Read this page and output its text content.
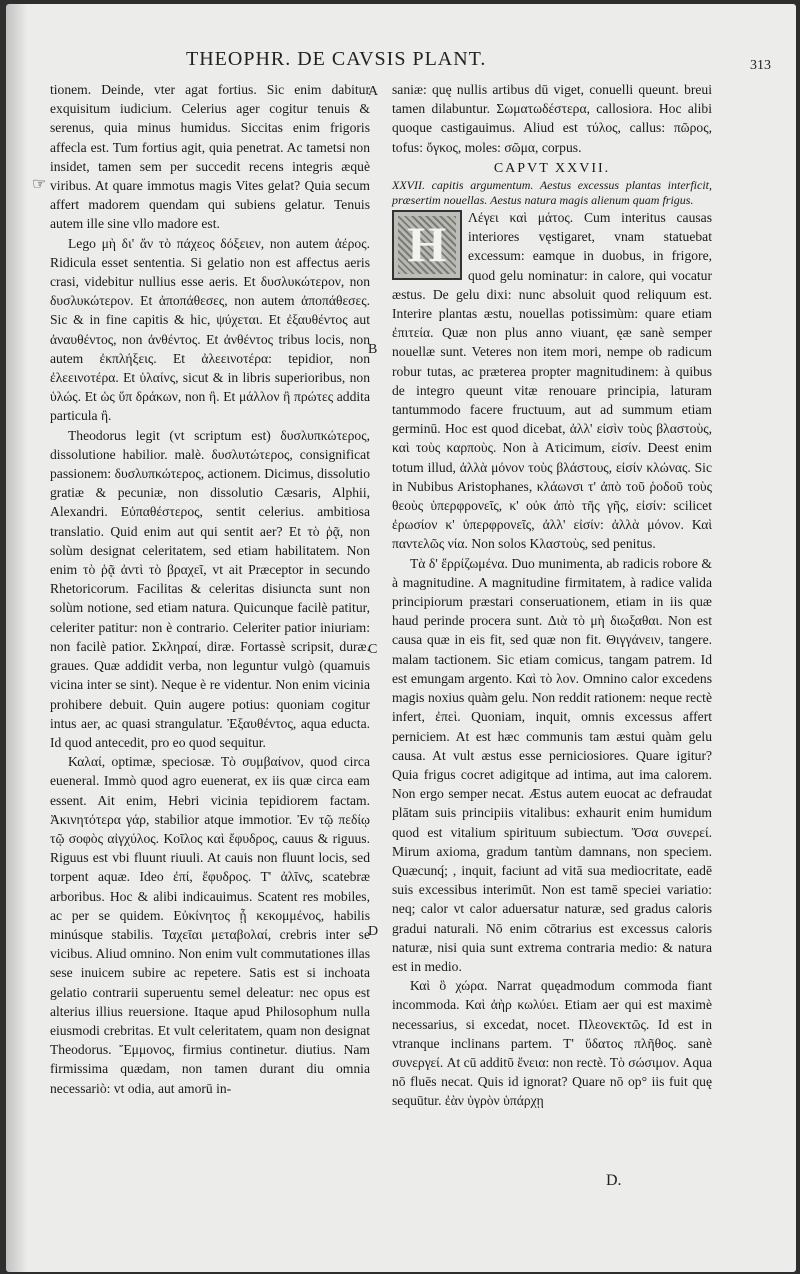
THEOPHR. DE CAVSIS PLANT.	313
☞
A
B
C
D

tionem. Deinde, vter agat fortius. Sic enim dabitur exquisitum iudicium. Celerius ager cogitur tenuis & serenus, quia minus humidus. Siccitas enim frigoris affecla est. Tum fortius agit, quia penetrat. Ac tametsi non insidet, tamen sem per succedit recens integris æquè viribus. At quare immotus magis Vites gelat? Quia secum affert madorem quendam qui subiens gelatur. Tenuis autem ille sine vllo madore est.

Lego μὴ δι' ἄν τὸ πάχεος δόξειεν, non autem ἀέρος. Ridicula esset sententia. Si gelatio non est affectus aeris crasi, videbitur nullius esse aeris. Et δυσλυκώτερον, non δυσλυκώτερον. Et ἀποπάθεσες, non autem ἀποπάθεσες. Sic & in fine capitis & hic, ψύχεται. Et ἐξαυθέντος aut ἀναυθέντος, non ἀνθέντος. Et ἀνθέντος tribus locis, non autem ἐκπλήξεις. Et ἀλεεινοτέρα: tepidior, non ἐλεεινοτέρα. Et ὑλαίνς, sicut & in libris superioribus, non ὑλώς. Et ὡς ὕπ δράκων, non ἢ. Et μάλλον ἢ πρώτες addita particula ἢ.

Theodorus legit (vt scriptum est) δυσλυπκώτερος, dissolutione habilior. malè. δυσλυτώτερος, consignificat passionem: δυσλυπκώτερος, actionem. Dicimus, dissolutio gratiæ & pecuniæ, non dissolutio Cæsaris, Alphii, Alexandri. Εὐπαθέστερος, sentit celerius. ambitiosa translatio. Quid enim aut qui sentit aer? Et τὸ ῥᾷ, non solùm designat celeritatem, sed etiam habilitatem. Non enim τὸ ῥᾷ ἀντὶ τὸ βραχεῖ, vt ait Præceptor in secundo Rhetoricorum. Facilitas & celeritas disiuncta sunt non solùm notione, sed etiam natura. Quicunque facilè patitur, celeriter patitur: non è contrario. Celeriter patior iniuriam: non facilè patior. Σκληραί, diræ. Fortassè scripsit, duræ. graues. Quæ addidit verba, non leguntur vulgò (quamuis vicina inter se sint). Neque è re videntur. Non enim vicinia prohibere debuit. Quin augere potius: quoniam cogitur intus aer, ac quasi strangulatur. Ἐξαυθέντος, aqua educta. Id quod antecedit, pro eo quod sequitur.

Καλαί, optimæ, speciosæ. Τὸ συμβαίνον, quod circa eueneral. Immò quod agro euenerat, ex iis quæ circa eam essent. Ait enim, Hebri vicinia tepidiorem factam. Ἀκινητότερα γάρ, stabilior atque immotior. Ἐν τῷ πεδίῳ τῷ σοφὸς αἰγχύλος. Κοῖλος καὶ ἔφυδρος, cauus & riguus. Riguus est vbi fluunt riuuli. At cauis non fluunt locis, sed torpent aquæ. Ideo ἐπί, ἔφυδρος. Τ' ἀλῖνς, scatebræ arboribus. Hoc & alibi indicauimus. Scatent res mobiles, ac per se quidem. Εὐκίνητος ᾗ κεκομμένος, habilis minúsque stabilis. Ταχεῖαι μεταβολαί, crebris inter se vicibus. Aliud omnino. Non enim vult commutationes illas sese inuicem subire ac repetere. Satis est si inchoata gelatio contrarii superuentu semel deleatur: nec opus est alterius illius reuersione. Itaque apud Philosophum nulla eiusmodi crebritas. Et vult celeritatem, quam non designat Theodorus. Ἔμμονος, firmius continetur. diutius. Nam firmissima quædam, non tamen durant diu omnia necessariò: vt odia, aut amorū in-

saniæ: quę nullis artibus dū viget, conuelli queunt. breui tamen dilabuntur. Σωματωδέστερα, callosiora. Hoc alibi quoque castigauimus. Aliud est τύλος, callus: πῶρος, tofus: ὄγκος, moles: σῶμα, corpus.

CAPVT XXVII.

XXVII. capitis argumentum. Aestus excessus plantas interficit, præsertim nouellas. Aestus natura magis alienum quam frigus.

H	Λέγει καὶ μάτος. Cum interitus causas interiores vęstigaret, vnam statuebat excessum: eamque in duobus, in frigore, quod gelu nominatur: in calore, qui vocatur æstus. De gelu dixi: nunc absoluit quod reliquum est. Interire plantas æstu, nouellas potissimùm: quare etiam ἐπιτεία. Quæ non plus anno viuant, ęæ sanè semper nouellæ sunt. Veteres non item mori, nempe ob radicum robur tutas, ac præterea propter magnitudinem: à quibus de integro queunt vitæ renouare principia, laturam tantummodo facere fructuum, aut ad summum etiam germinū. Hoc est quod dicebat, ἀλλ' εἰσὶν τοὺς βλαστοὺς, καὶ τοὺς καρποὺς. Non à Ατicimum, εἰσίν. Deest enim totum illud, ἀλλὰ μόνον τοὺς βλάστους, εἰσίν κλώνας. Sic in Nubibus Aristophanes, κλάωνσι τ' ἀπὸ τοῦ ῥοδοῦ τοὺς θεοὺς ὑπερφρονεῖς, κ' οὐκ ἀπὸ τῆς γῆς, εἰσίν: scilicet ἐρωσίον κ' ὑπερφρονεῖς, ἀλλ' εἰσίν: ἀλλὰ μόνον. Καὶ παντελῶς νία. Non solos Κλαστοὺς, sed penitus.

Τὰ δ' ἔρρίζωμένα. Duo munimenta, ab radicis robore & à magnitudine. A magnitudine firmitatem, à radice valida principiorum præstari conseruationem, etiam in iis quæ haud perinde procera sunt. Διὰ τὸ μὴ διωξαθαι. Non est causa quæ in eis fit, sed quæ non fit. Θιγγάνειν, tangere. malam tactionem. Sic etiam comicus, tangam patrem. Id est emungam argento. Καὶ τὸ λον. Omnino calor excedens magis noxius quàm gelu. Non reddit rationem: neque rectè infert, ἐπεὶ. Quoniam, inquit, omnis excessus affert perniciem. At est hæc communis tam æstui quàm gelu causa. At vult æstus esse perniciosiores. Quare igitur? Quia frigus cocret adigitque ad intima, aut ima calorem. Non ergo semper necat. Æstus autem euocat ac defraudat plātam suis principiis vitalibus: exhaurit enim humidum quod est vitalium spirituum subiectum. Ὅσα συνερεί. Mirum axioma, gradum tantùm damnans, non speciem. Quæcunq́; , inquit, faciunt ad vitā sua mediocritate, eadē suis excessibus interimūt. Non est tamē speciei variatio: neq; calor vt calor aduersatur naturæ, sed gradus caloris gradui naturali. Nō enim cōtrarius est excessus caloris naturæ, nisi quia sunt extrema contraria medio: & natura est in medio.

Καὶ ὃ χώρα. Narrat quęadmodum commoda fiant incommoda. Καὶ ἀὴρ κωλύει. Etiam aer qui est maximè necessarius, si excedat, nocet. Πλεονεκτῶς. Id est in vtranque inclinans partem. Τ' ὕδατος πλῆθος. sanè συνεργεί. At cū additῦ ἕνεια: non rectè. Τὸ σώσιμον. Aqua nō fluēs necat. Quis id ignorat? Quare nō op° iis fuit quę sequūtur. ἐὰν ὑγρὸν ὑπάρχῃ

D.
